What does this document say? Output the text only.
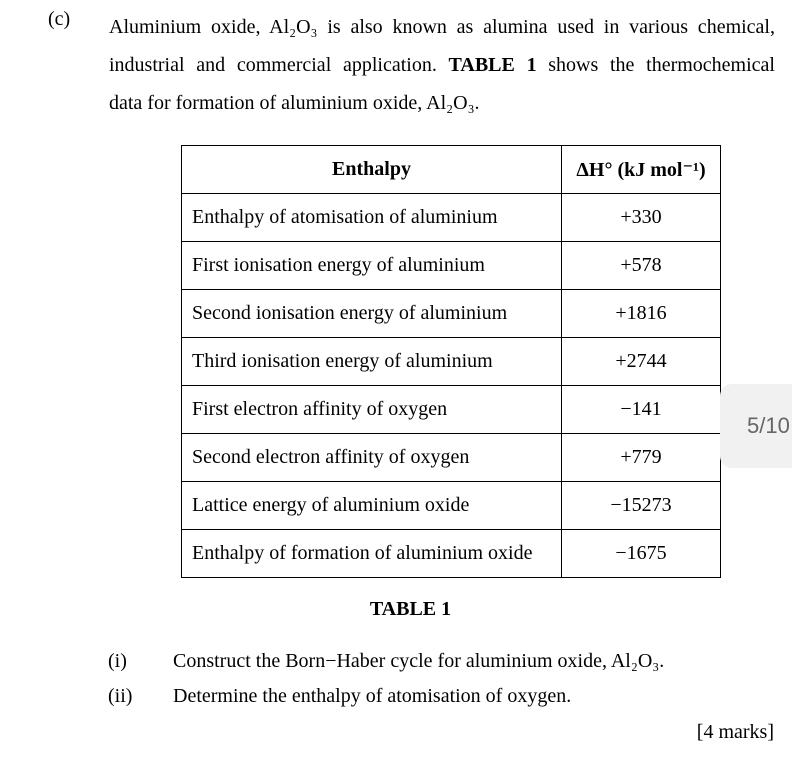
(c) Aluminium oxide, Al₂O₃ is also known as alumina used in various chemical,
industrial and commercial application. TABLE 1 shows the thermochemical
data for formation of aluminium oxide, Al₂O₃.
Enthalpy	ΔH° (kJ mol⁻¹)
Enthalpy of atomisation of aluminium	+330
First ionisation energy of aluminium	+578
Second ionisation energy of aluminium	+1816
Third ionisation energy of aluminium	+2744
First electron affinity of oxygen	−141
Second electron affinity of oxygen	+779
Lattice energy of aluminium oxide	−15273
Enthalpy of formation of aluminium oxide	−1675
TABLE 1
(i) Construct the Born−Haber cycle for aluminium oxide, Al₂O₃.
(ii) Determine the enthalpy of atomisation of oxygen.
[4 marks]
5/10
